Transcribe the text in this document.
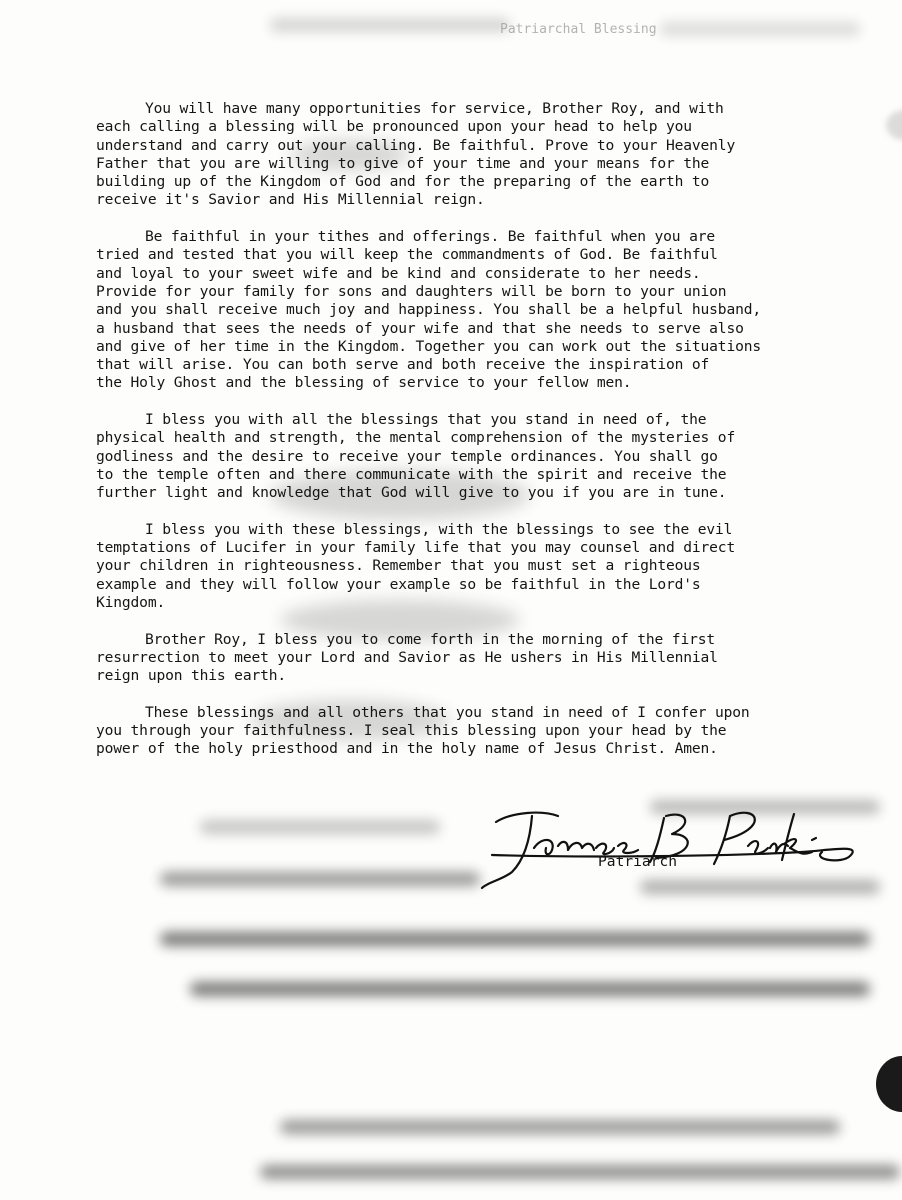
Patriarchal Blessing

You will have many opportunities for service, Brother Roy, and with
each calling a blessing will be pronounced upon your head to help you
understand and carry out your calling. Be faithful. Prove to your Heavenly
Father that you are willing to give of your time and your means for the
building up of the Kingdom of God and for the preparing of the earth to
receive it's Savior and His Millennial reign.

Be faithful in your tithes and offerings. Be faithful when you are
tried and tested that you will keep the commandments of God. Be faithful
and loyal to your sweet wife and be kind and considerate to her needs.
Provide for your family for sons and daughters will be born to your union
and you shall receive much joy and happiness. You shall be a helpful husband,
a husband that sees the needs of your wife and that she needs to serve also
and give of her time in the Kingdom. Together you can work out the situations
that will arise. You can both serve and both receive the inspiration of
the Holy Ghost and the blessing of service to your fellow men.

I bless you with all the blessings that you stand in need of, the
physical health and strength, the mental comprehension of the mysteries of
godliness and the desire to receive your temple ordinances. You shall go
to the temple often and there communicate with the spirit and receive the
further light and knowledge that God will give to you if you are in tune.

I bless you with these blessings, with the blessings to see the evil
temptations of Lucifer in your family life that you may counsel and direct
your children in righteousness. Remember that you must set a righteous
example and they will follow your example so be faithful in the Lord's
Kingdom.

Brother Roy, I bless you to come forth in the morning of the first
resurrection to meet your Lord and Savior as He ushers in His Millennial
reign upon this earth.

These blessings and all others that you stand in need of I confer upon
you through your faithfulness. I seal this blessing upon your head by the
power of the holy priesthood and in the holy name of Jesus Christ. Amen.

Patriarch
